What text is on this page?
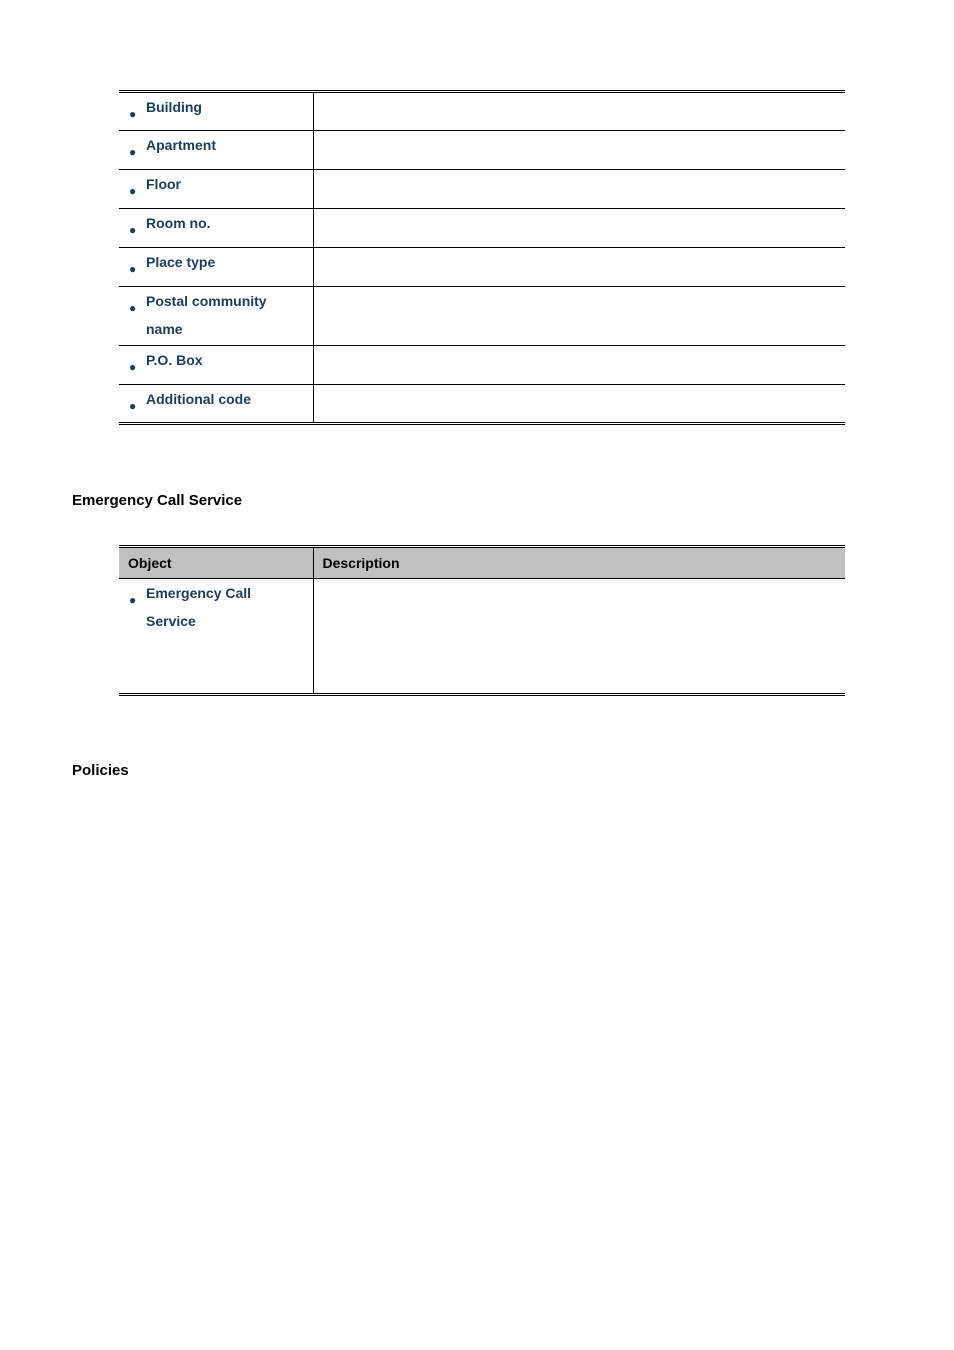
● Building	

● Apartment	

● Floor	

● Room no.	

● Place type	

● Postal community name	

● P.O. Box	

● Additional code	

Emergency Call Service
Object	Description

● Emergency Call Service	

Policies
